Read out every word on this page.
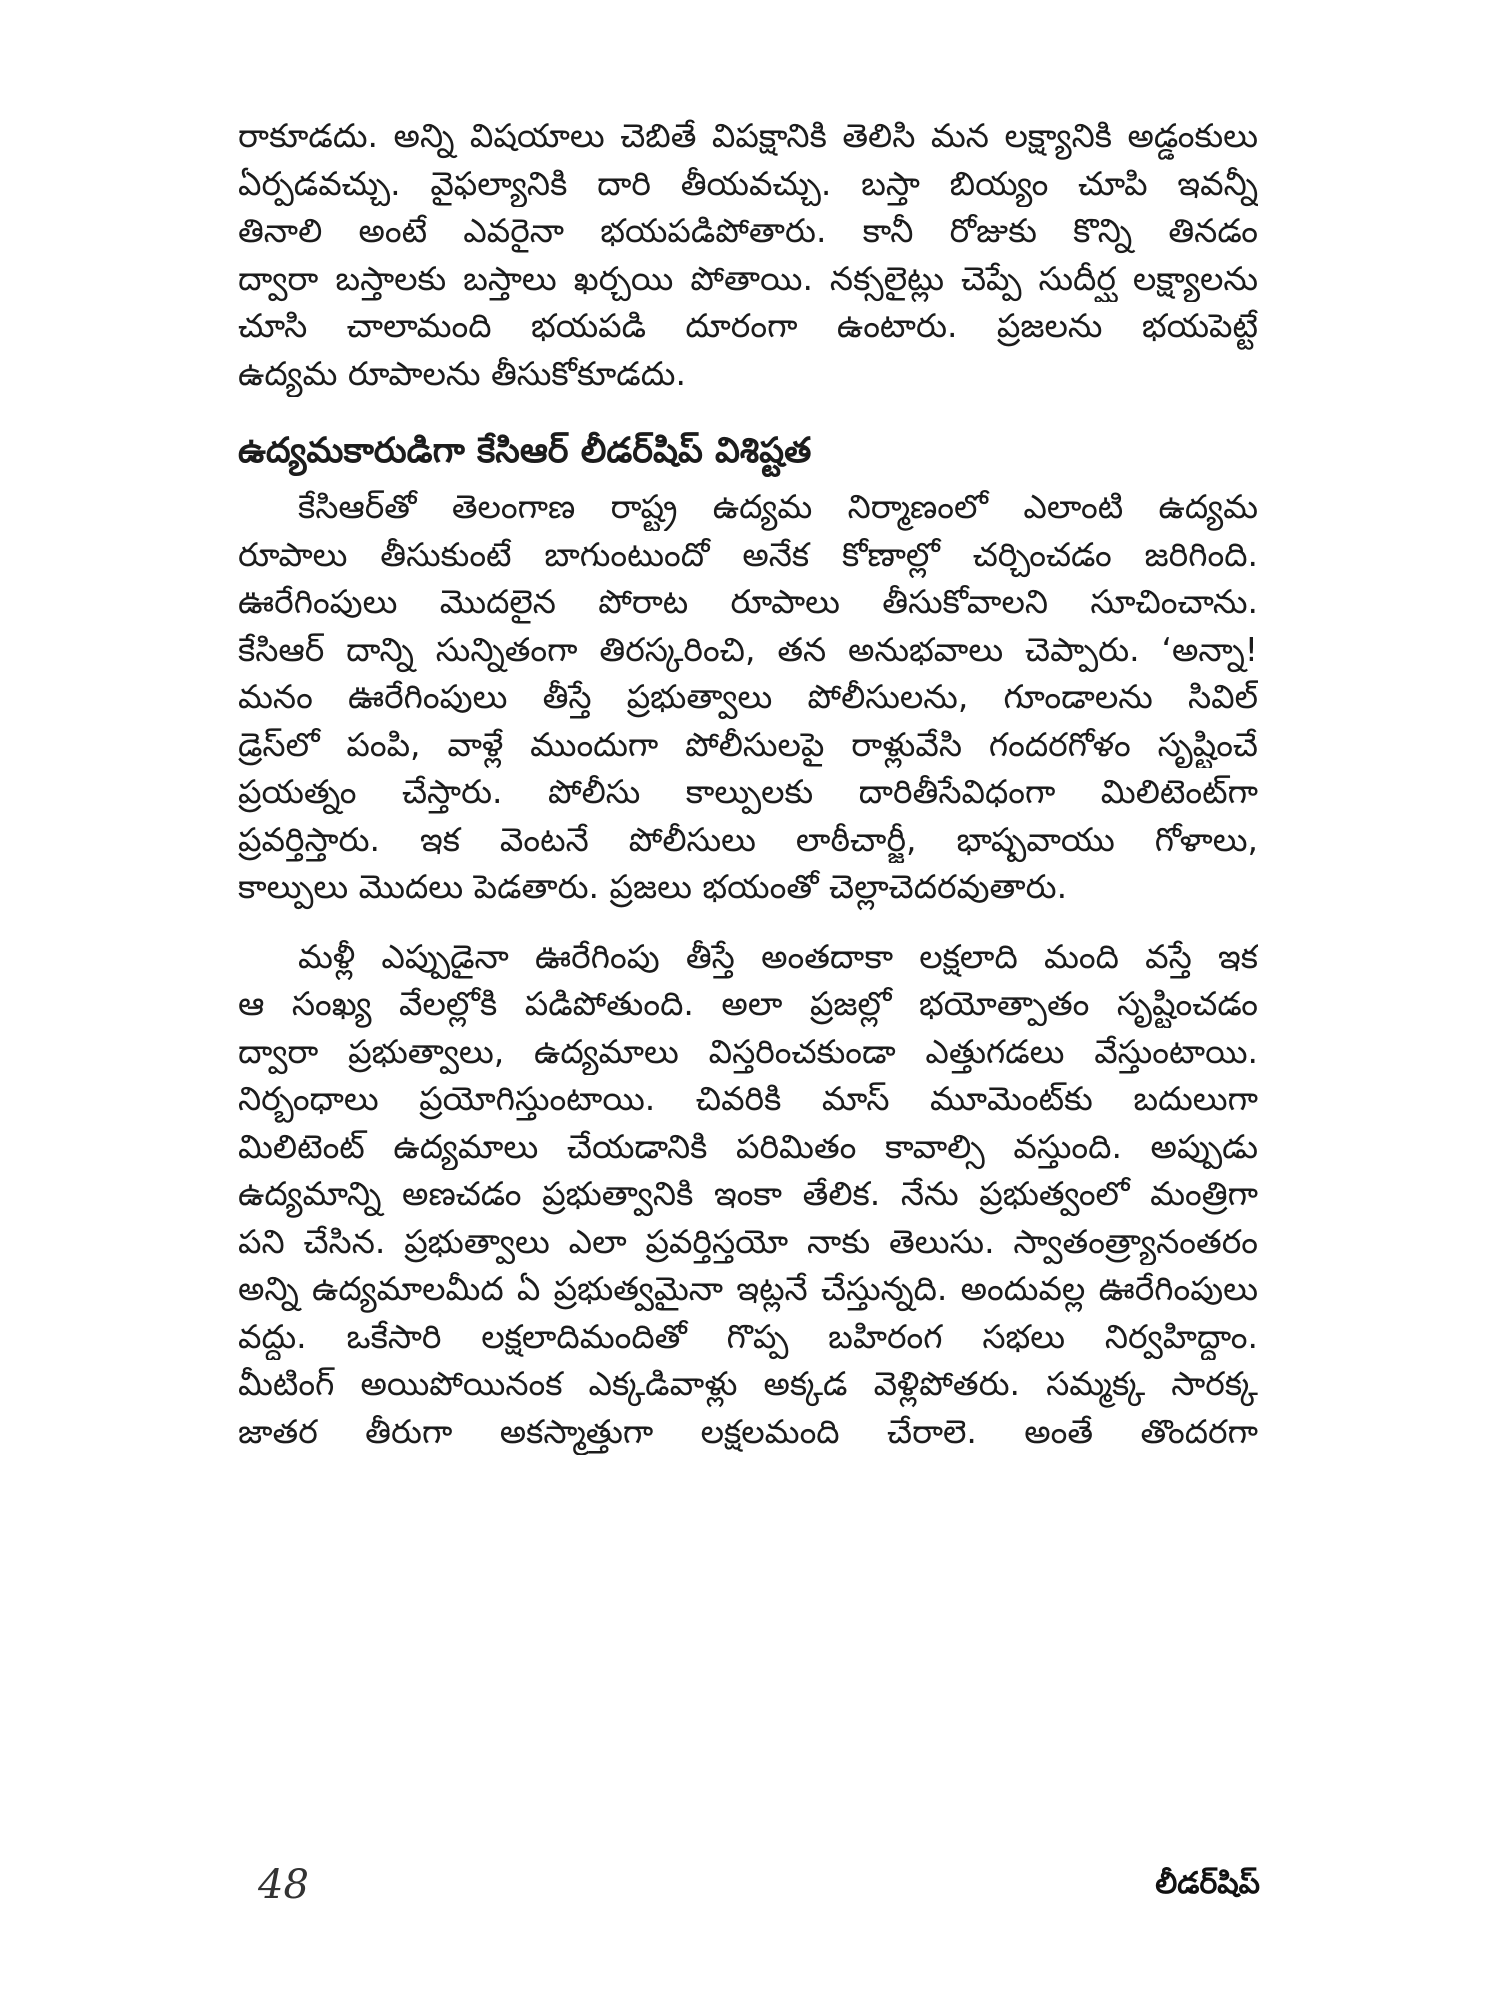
రాకూడదు. అన్ని విషయాలు చెబితే విపక్షానికి తెలిసి మన లక్ష్యానికి అడ్డంకులు
ఏర్పడవచ్చు. వైఫల్యానికి దారి తీయవచ్చు. బస్తా బియ్యం చూపి ఇవన్నీ
తినాలి అంటే ఎవరైనా భయపడిపోతారు. కానీ రోజుకు కొన్ని తినడం
ద్వారా బస్తాలకు బస్తాలు ఖర్చయి పోతాయి. నక్సలైట్లు చెప్పే సుదీర్ఘ లక్ష్యాలను
చూసి చాలామంది భయపడి దూరంగా ఉంటారు. ప్రజలను భయపెట్టే
ఉద్యమ రూపాలను తీసుకోకూడదు.
ఉద్యమకారుడిగా కేసిఆర్ లీడర్‌షిప్ విశిష్టత
కేసిఆర్‌తో తెలంగాణ రాష్ట్ర ఉద్యమ నిర్మాణంలో ఎలాంటి ఉద్యమ
రూపాలు తీసుకుంటే బాగుంటుందో అనేక కోణాల్లో చర్చించడం జరిగింది.
ఊరేగింపులు మొదలైన పోరాట రూపాలు తీసుకోవాలని సూచించాను.
కేసిఆర్ దాన్ని సున్నితంగా తిరస్కరించి, తన అనుభవాలు చెప్పారు. ‘అన్నా!
మనం ఊరేగింపులు తీస్తే ప్రభుత్వాలు పోలీసులను, గూండాలను సివిల్
డ్రెస్‌లో పంపి, వాళ్లే ముందుగా పోలీసులపై రాళ్లువేసి గందరగోళం సృష్టించే
ప్రయత్నం చేస్తారు. పోలీసు కాల్పులకు దారితీసేవిధంగా మిలిటెంట్‌గా
ప్రవర్తిస్తారు. ఇక వెంటనే పోలీసులు లాఠీచార్జీ, భాష్పవాయు గోళాలు,
కాల్పులు మొదలు పెడతారు. ప్రజలు భయంతో చెల్లాచెదరవుతారు.
మళ్లీ ఎప్పుడైనా ఊరేగింపు తీస్తే అంతదాకా లక్షలాది మంది వస్తే ఇక
ఆ సంఖ్య వేలల్లోకి పడిపోతుంది. అలా ప్రజల్లో భయోత్పాతం సృష్టించడం
ద్వారా ప్రభుత్వాలు, ఉద్యమాలు విస్తరించకుండా ఎత్తుగడలు వేస్తుంటాయి.
నిర్బంధాలు ప్రయోగిస్తుంటాయి. చివరికి మాస్ మూమెంట్‌కు బదులుగా
మిలిటెంట్ ఉద్యమాలు చేయడానికి పరిమితం కావాల్సి వస్తుంది. అప్పుడు
ఉద్యమాన్ని అణచడం ప్రభుత్వానికి ఇంకా తేలిక. నేను ప్రభుత్వంలో మంత్రిగా
పని చేసిన. ప్రభుత్వాలు ఎలా ప్రవర్తిస్తయో నాకు తెలుసు. స్వాతంత్ర్యానంతరం
అన్ని ఉద్యమాలమీద ఏ ప్రభుత్వమైనా ఇట్లనే చేస్తున్నది. అందువల్ల ఊరేగింపులు
వద్దు. ఒకేసారి లక్షలాదిమందితో గొప్ప బహిరంగ సభలు నిర్వహిద్దాం.
మీటింగ్ అయిపోయినంక ఎక్కడివాళ్లు అక్కడ వెళ్లిపోతరు. సమ్మక్క సారక్క
జాతర తీరుగా అకస్మాత్తుగా లక్షలమంది చేరాలె. అంతే తొందరగా
48	లీడర్‌షిప్
